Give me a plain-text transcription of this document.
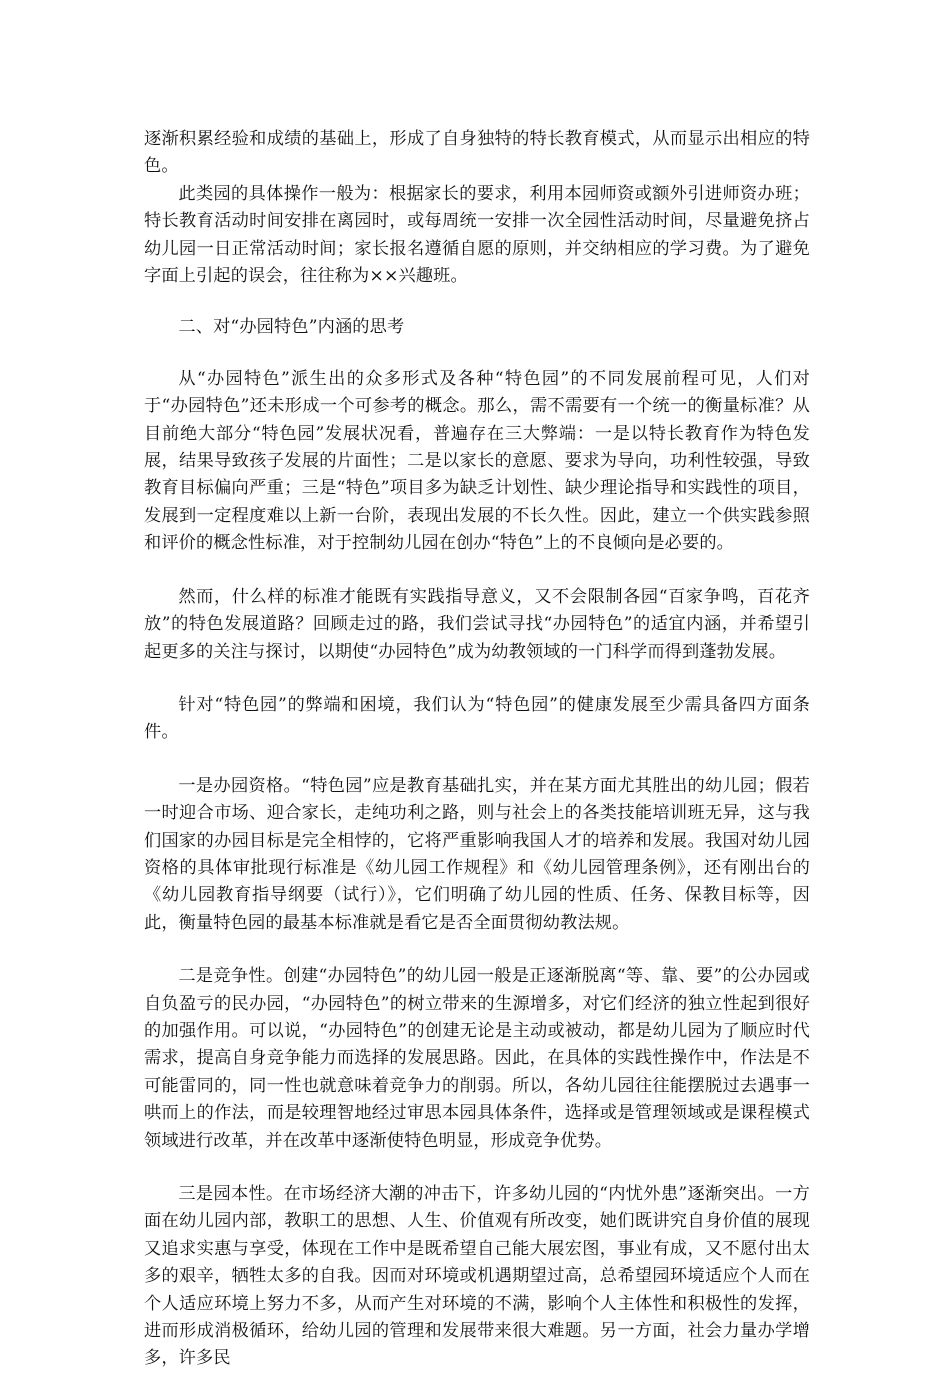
逐渐积累经验和成绩的基础上，形成了自身独特的特长教育模式，从而显示出相应的特色。

此类园的具体操作一般为：根据家长的要求，利用本园师资或额外引进师资办班；特长教育活动时间安排在离园时，或每周统一安排一次全园性活动时间，尽量避免挤占幼儿园一日正常活动时间；家长报名遵循自愿的原则，并交纳相应的学习费。为了避免字面上引起的误会，往往称为××兴趣班。

二、对“办园特色”内涵的思考

从“办园特色”派生出的众多形式及各种“特色园”的不同发展前程可见，人们对于“办园特色”还未形成一个可参考的概念。那么，需不需要有一个统一的衡量标准？从目前绝大部分“特色园”发展状况看，普遍存在三大弊端：一是以特长教育作为特色发展，结果导致孩子发展的片面性；二是以家长的意愿、要求为导向，功利性较强，导致教育目标偏向严重；三是“特色”项目多为缺乏计划性、缺少理论指导和实践性的项目，发展到一定程度难以上新一台阶，表现出发展的不长久性。因此，建立一个供实践参照和评价的概念性标准，对于控制幼儿园在创办“特色”上的不良倾向是必要的。

然而，什么样的标准才能既有实践指导意义，又不会限制各园“百家争鸣，百花齐放”的特色发展道路？回顾走过的路，我们尝试寻找“办园特色”的适宜内涵，并希望引起更多的关注与探讨，以期使“办园特色”成为幼教领域的一门科学而得到蓬勃发展。

针对“特色园”的弊端和困境，我们认为“特色园”的健康发展至少需具备四方面条件。

一是办园资格。“特色园”应是教育基础扎实，并在某方面尤其胜出的幼儿园；假若一时迎合市场、迎合家长，走纯功利之路，则与社会上的各类技能培训班无异，这与我们国家的办园目标是完全相悖的，它将严重影响我国人才的培养和发展。我国对幼儿园资格的具体审批现行标准是《幼儿园工作规程》和《幼儿园管理条例》，还有刚出台的《幼儿园教育指导纲要（试行）》，它们明确了幼儿园的性质、任务、保教目标等，因此，衡量特色园的最基本标准就是看它是否全面贯彻幼教法规。

二是竞争性。创建“办园特色”的幼儿园一般是正逐渐脱离“等、靠、要”的公办园或自负盈亏的民办园，“办园特色”的树立带来的生源增多，对它们经济的独立性起到很好的加强作用。可以说，“办园特色”的创建无论是主动或被动，都是幼儿园为了顺应时代需求，提高自身竞争能力而选择的发展思路。因此，在具体的实践性操作中，作法是不可能雷同的，同一性也就意味着竞争力的削弱。所以，各幼儿园往往能摆脱过去遇事一哄而上的作法，而是较理智地经过审思本园具体条件，选择或是管理领域或是课程模式领域进行改革，并在改革中逐渐使特色明显，形成竞争优势。

三是园本性。在市场经济大潮的冲击下，许多幼儿园的“内忧外患”逐渐突出。一方面在幼儿园内部，教职工的思想、人生、价值观有所改变，她们既讲究自身价值的展现又追求实惠与享受，体现在工作中是既希望自己能大展宏图，事业有成，又不愿付出太多的艰辛，牺牲太多的自我。因而对环境或机遇期望过高，总希望园环境适应个人而在个人适应环境上努力不多，从而产生对环境的不满，影响个人主体性和积极性的发挥，进而形成消极循环，给幼儿园的管理和发展带来很大难题。另一方面，社会力量办学增多，许多民
